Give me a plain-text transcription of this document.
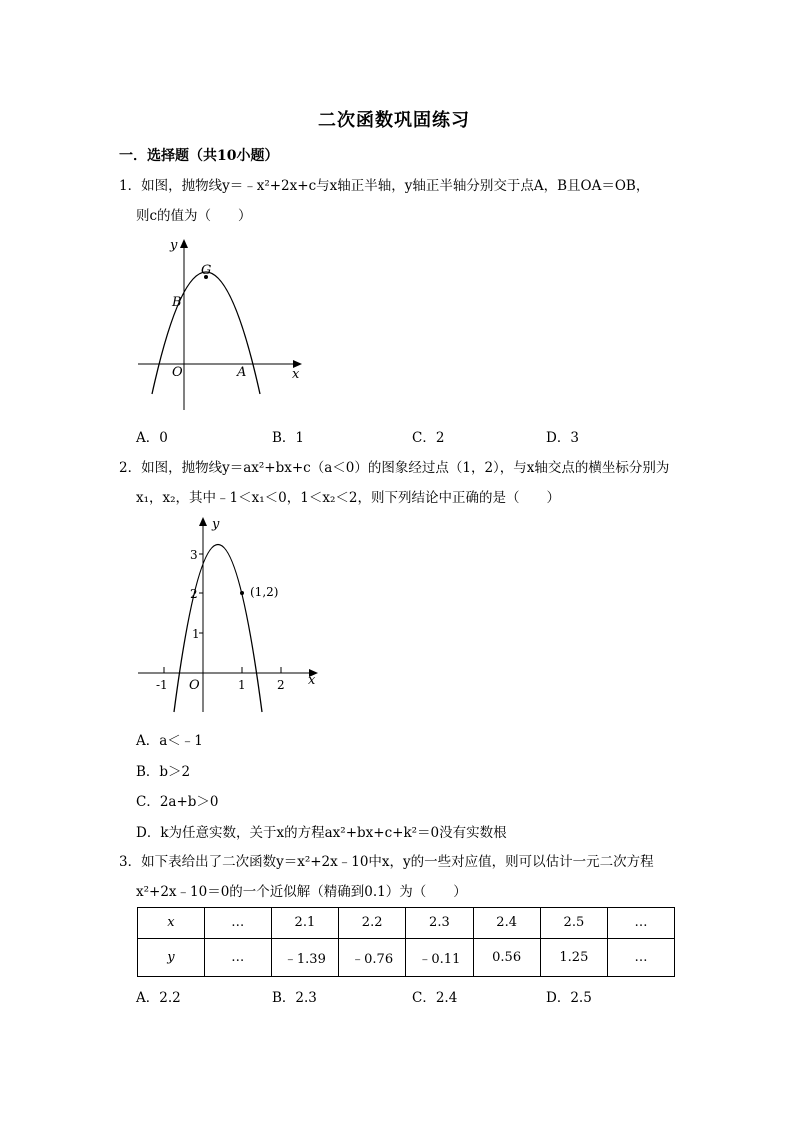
二次函数巩固练习
一．选择题（共10小题）
1．如图，抛物线y＝﹣x²+2x+c与x轴正半轴，y轴正半轴分别交于点A，B且OA＝OB，
则c的值为（　　）
y
x
G
B
O	A
A．0	B．1	C．2	D．3
2．如图，抛物线y＝ax²+bx+c（a＜0）的图象经过点（1，2），与x轴交点的横坐标分别为
x₁，x₂，其中﹣1＜x₁＜0，1＜x₂＜2，则下列结论中正确的是（　　）
y
x
3
2
1
-1 O	1	2
(1,2)
A．a＜﹣1
B．b＞2
C．2a+b＞0
D．k为任意实数，关于x的方程ax²+bx+c+k²＝0没有实数根
3．如下表给出了二次函数y＝x²+2x﹣10中x，y的一些对应值，则可以估计一元二次方程
x²+2x﹣10＝0的一个近似解（精确到0.1）为（　　）
x	…	2.1	2.2	2.3	2.4	2.5	…
y	…	﹣1.39	﹣0.76	﹣0.11	0.56	1.25	…
A．2.2	B．2.3	C．2.4	D．2.5
